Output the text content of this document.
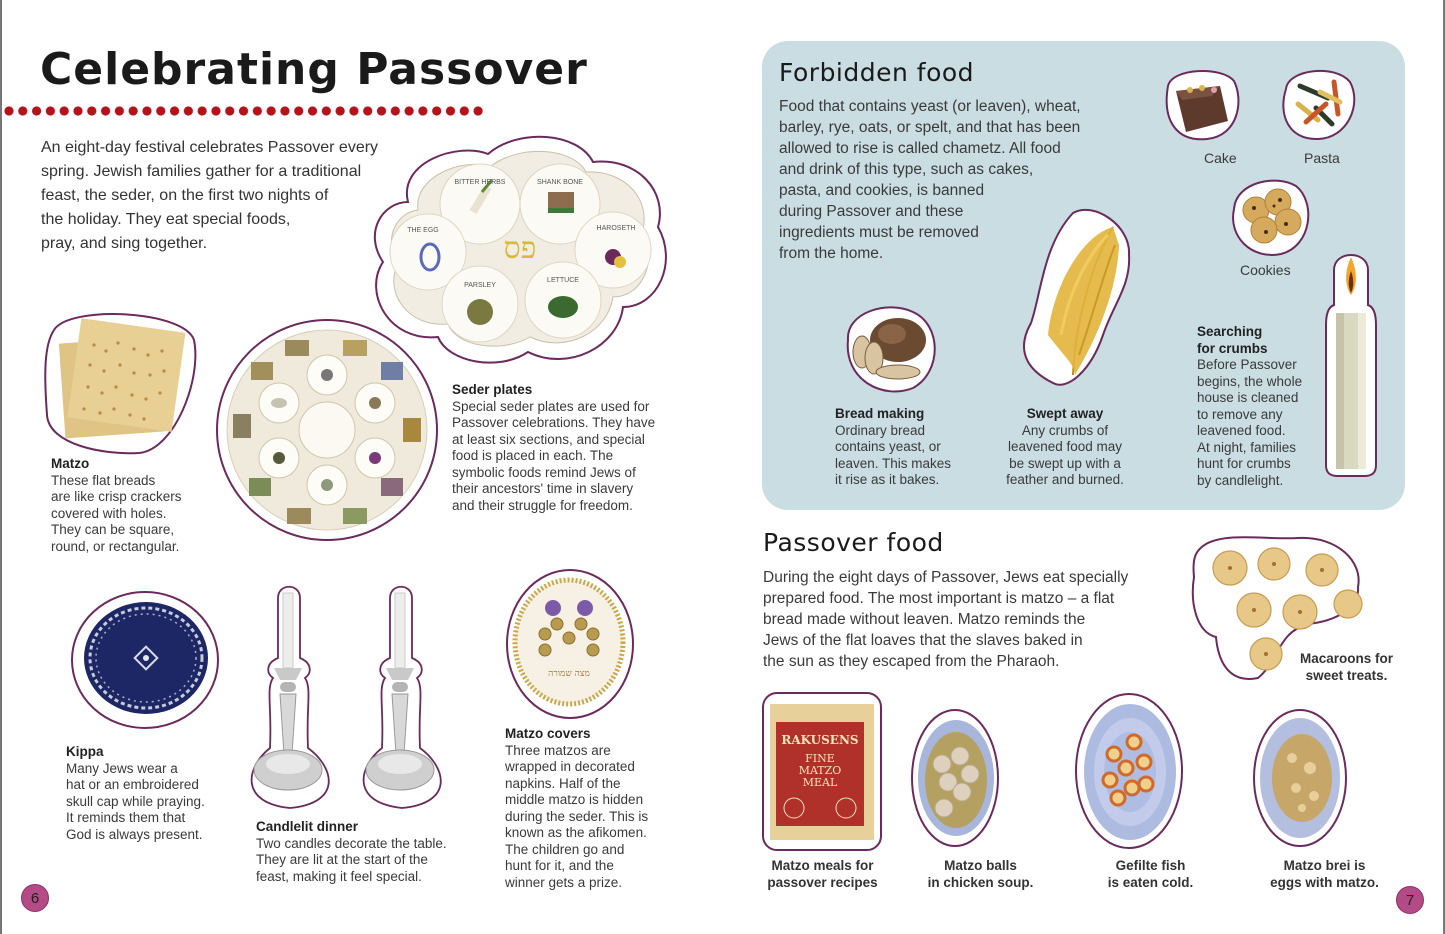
Celebrating Passover
An eight-day festival celebrates Passover every
spring. Jewish families gather for a traditional
feast, the seder, on the first two nights of
the holiday. They eat special foods,
pray, and sing together.	פס
BITTER HERBS	SHANK BONE
THE EGG	HAROSETH
PARSLEY
LETTUCE
Matzo
These flat breads
are like crisp crackers
covered with holes.
They can be square,
round, or rectangular.
Seder plates
Special seder plates are used for
Passover celebrations. They have
at least six sections, and special
food is placed in each. The
symbolic foods remind Jews of
their ancestors' time in slavery
and their struggle for freedom.
Kippa
Many Jews wear a
hat or an embroidered
skull cap while praying.
It reminds them that
God is always present.	Candlelit dinner
Two candles decorate the table.
They are lit at the start of the
feast, making it feel special.
מצה שמורה
Matzo covers
Three matzos are
wrapped in decorated
napkins. Half of the
middle matzo is hidden
during the seder. This is
known as the afikomen.
The children go and
hunt for it, and the
winner gets a prize.
6
Forbidden food
Food that contains yeast (or leaven), wheat,
barley, rye, oats, or spelt, and that has been
allowed to rise is called chametz. All food
and drink of this type, such as cakes,
pasta, and cookies, is banned
during Passover and these
ingredients must be removed
from the home.
Cake	Pasta
Cookies
Bread making
Ordinary bread
contains yeast, or
leaven. This makes
it rise as it bakes.
Swept away
Any crumbs of
leavened food may
be swept up with a
feather and burned.
Searching
for crumbs
Before Passover
begins, the whole
house is cleaned
to remove any
leavened food.
At night, families
hunt for crumbs
by candlelight.
Passover food
During the eight days of Passover, Jews eat specially
prepared food. The most important is matzo – a flat
bread made without leaven. Matzo reminds the
Jews of the flat loaves that the slaves baked in
the sun as they escaped from the Pharaoh.	Macaroons for
sweet treats.
RAKUSENS
FINE
MATZO
MEAL
Matzo meals for
passover recipes
Matzo balls
in chicken soup.
Gefilte fish
is eaten cold.
Matzo brei is
eggs with matzo.
7
